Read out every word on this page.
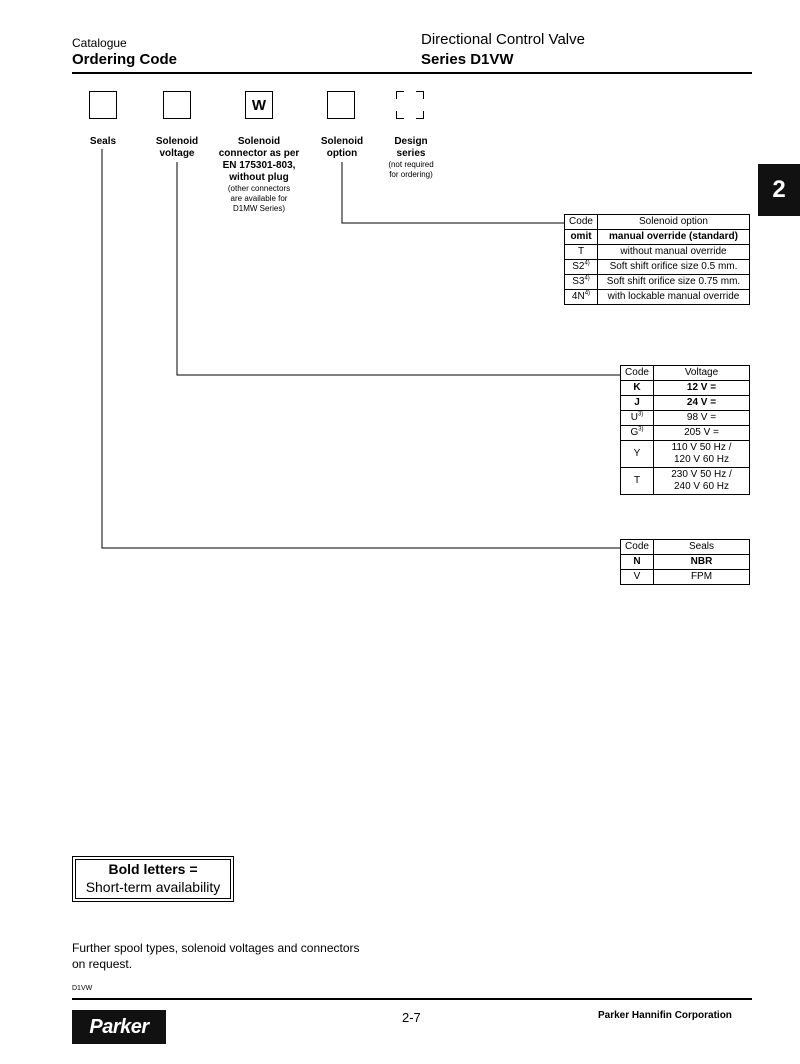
Catalogue
Ordering Code
Directional Control Valve
Series D1VW
2
W
Seals	Solenoid
voltage
Solenoid
connector as per
EN 175301-803,
without plug
(other connectors
are available for
D1MW Series)
Solenoid
option
Design
series
(not required
for ordering)
Code	Solenoid option
omit	manual override (standard)
T	without manual override
S2$^{4)}$	Soft shift orifice size 0.5 mm.
S3$^{4)}$	Soft shift orifice size 0.75 mm.
$4N^{4)}$	with lockable manual override
Code	Voltage
K	12 V =
J	24 V =
$U^{3)}$	98 V =
$G^{3)}$	205 V =
Y	110 V 50 Hz /
120 V 60 Hz
T	230 V 50 Hz /
240 V 60 Hz
Code	Seals
N	NBR
V	FPM
Bold letters =
Short-term availability
Further spool types, solenoid voltages and connectors
on request.
D1VW
Parker	2-7	Parker Hannifin Corporation
